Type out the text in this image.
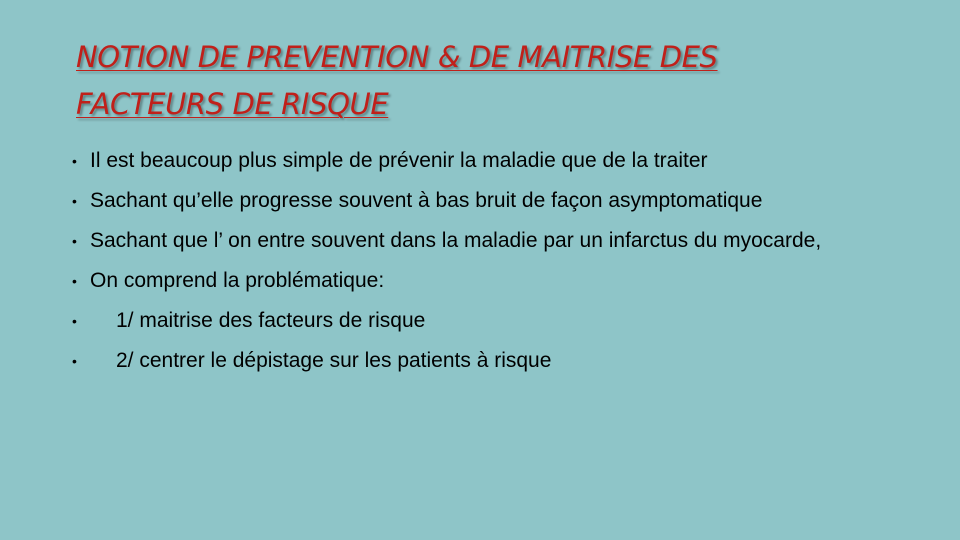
NOTION DE PREVENTION & DE MAITRISE DES
FACTEURS DE RISQUE
• Il est beaucoup plus simple de prévenir la maladie que de la traiter
• Sachant qu’elle progresse souvent à bas bruit de façon asymptomatique
• Sachant que l’ on entre souvent dans la maladie par un infarctus du myocarde,
• On comprend la problématique:
•	1/ maitrise des facteurs de risque
•	2/ centrer le dépistage sur les patients à risque
